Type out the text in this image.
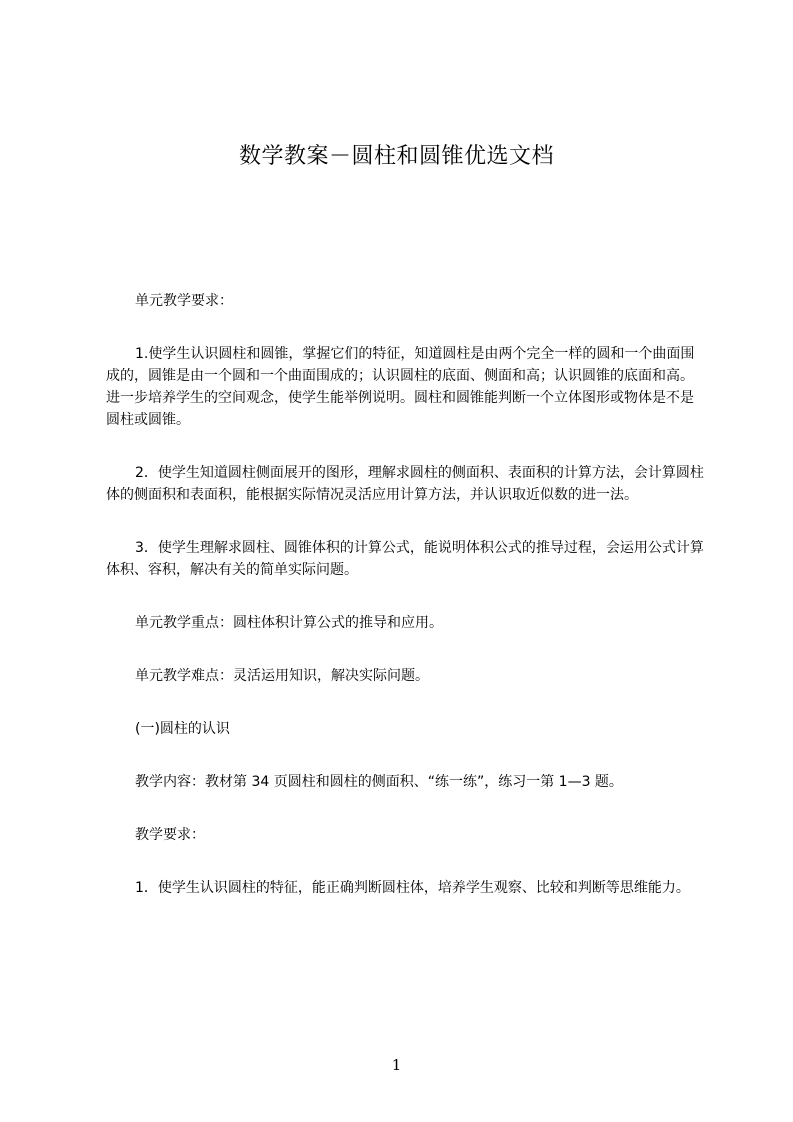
数学教案－圆柱和圆锥优选文档

单元教学要求：

1.使学生认识圆柱和圆锥，掌握它们的特征，知道圆柱是由两个完全一样的圆和一个曲面围成的，圆锥是由一个圆和一个曲面围成的；认识圆柱的底面、侧面和高；认识圆锥的底面和高。进一步培养学生的空间观念，使学生能举例说明。圆柱和圆锥能判断一个立体图形或物体是不是圆柱或圆锥。

2．使学生知道圆柱侧面展开的图形，理解求圆柱的侧面积、表面积的计算方法，会计算圆柱体的侧面积和表面积，能根据实际情况灵活应用计算方法，并认识取近似数的进一法。

3．使学生理解求圆柱、圆锥体积的计算公式，能说明体积公式的推导过程，会运用公式计算体积、容积，解决有关的简单实际问题。

单元教学重点：圆柱体积计算公式的推导和应用。

单元教学难点：灵活运用知识，解决实际问题。

(一)圆柱的认识

教学内容：教材第 34 页圆柱和圆柱的侧面积、“练一练”，练习一第 1—3 题。

教学要求：

1．使学生认识圆柱的特征，能正确判断圆柱体，培养学生观察、比较和判断等思维能力。

1
